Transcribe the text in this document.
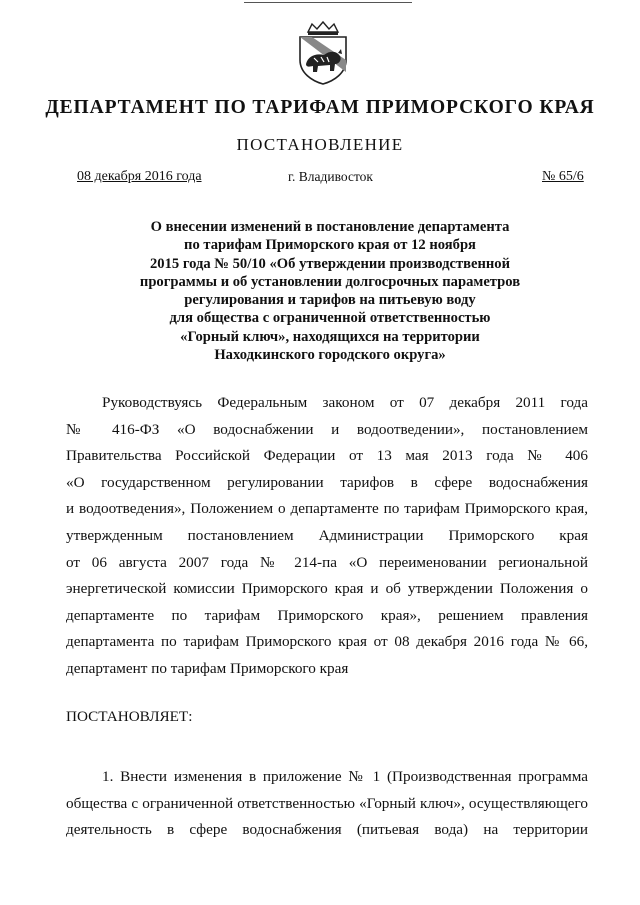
ДЕПАРТАМЕНТ ПО ТАРИФАМ ПРИМОРСКОГО КРАЯ
ПОСТАНОВЛЕНИЕ
08 декабря 2016 года	г. Владивосток	№ 65/6
О внесении изменений в постановление департамента
по тарифам Приморского края от 12 ноября
2015 года № 50/10 «Об утверждении производственной
программы и об установлении долгосрочных параметров
регулирования и тарифов на питьевую воду
для общества с ограниченной ответственностью
«Горный ключ», находящихся на территории
Находкинского городского округа»
Руководствуясь Федеральным законом от 07 декабря 2011 года
№ 416-ФЗ «О водоснабжении и водоотведении», постановлением
Правительства Российской Федерации от 13 мая 2013 года № 406
«О государственном регулировании тарифов в сфере водоснабжения
и водоотведения», Положением о департаменте по тарифам Приморского края,
утвержденным постановлением Администрации Приморского края
от 06 августа 2007 года № 214-па «О переименовании региональной
энергетической комиссии Приморского края и об утверждении Положения о
департаменте по тарифам Приморского края», решением правления
департамента по тарифам Приморского края от 08 декабря 2016 года № 66,
департамент по тарифам Приморского края
ПОСТАНОВЛЯЕТ:
1. Внести изменения в приложение № 1 (Производственная программа
общества с ограниченной ответственностью «Горный ключ», осуществляющего
деятельность в сфере водоснабжения (питьевая вода) на территории
